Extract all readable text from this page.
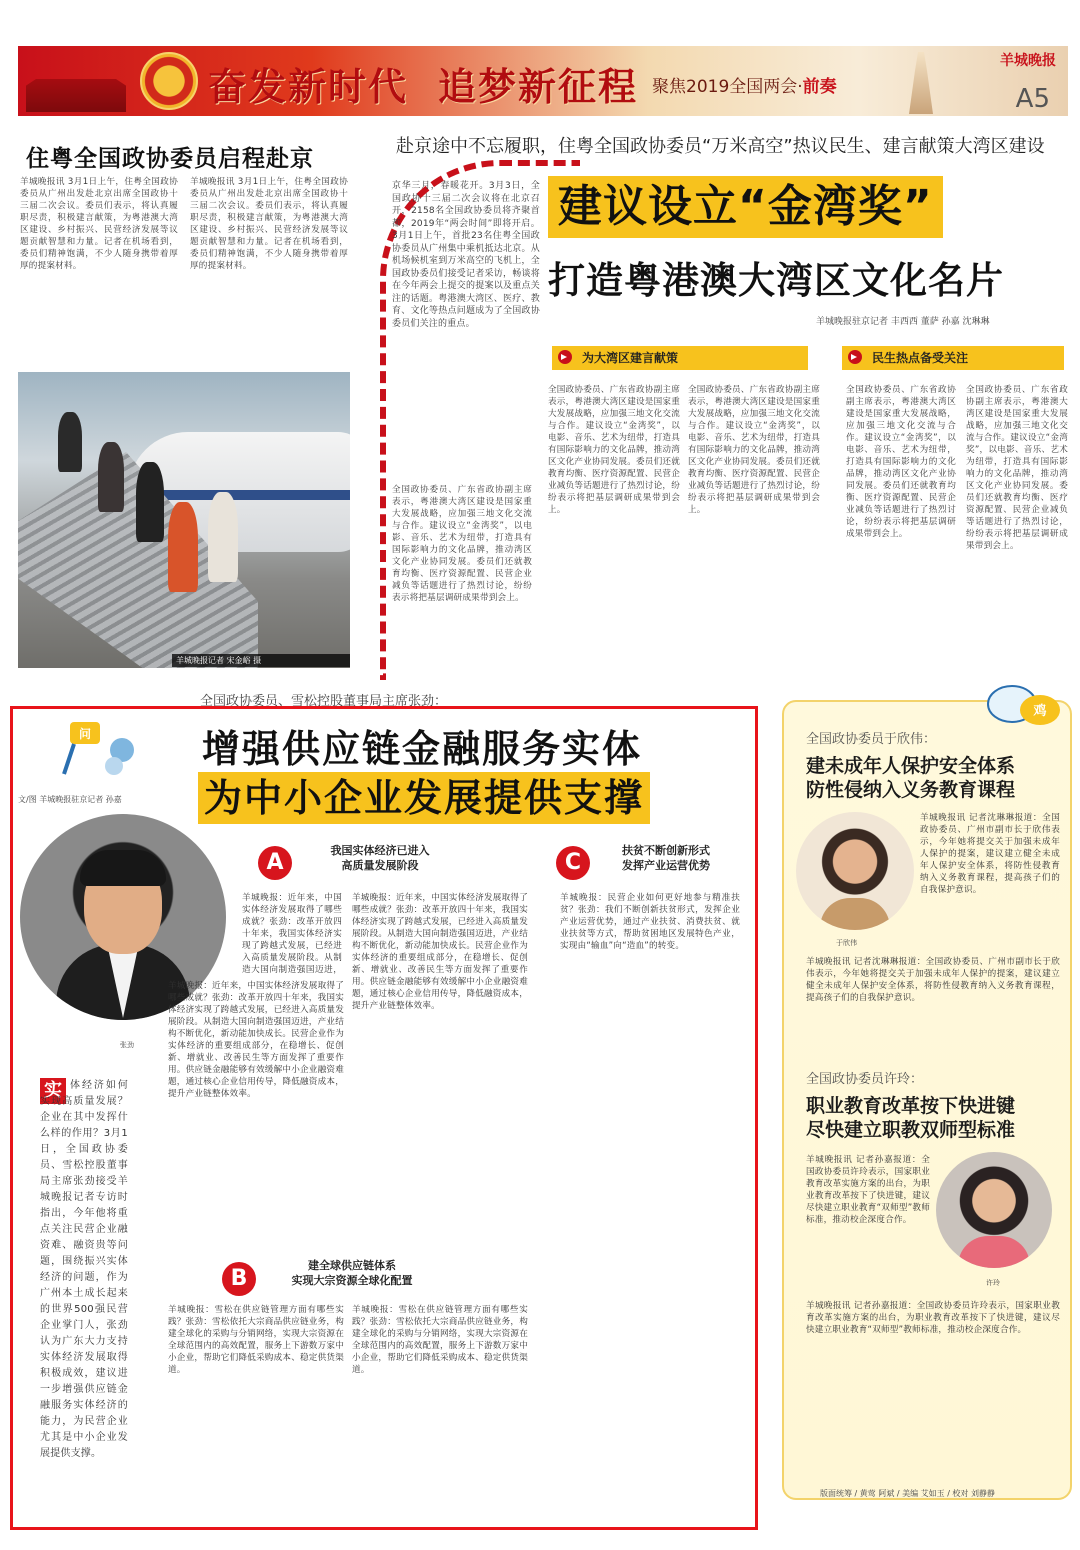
奋发新时代 追梦新征程 聚焦2019全国两会·前奏
羊城晚报
A5
住粤全国政协委员启程赴京
羊城晚报讯 3月1日上午，住粤全国政协委员从广州出发赴北京出席全国政协十三届二次会议。委员们表示，将认真履职尽责，积极建言献策，为粤港澳大湾区建设、乡村振兴、民营经济发展等议题贡献智慧和力量。记者在机场看到，委员们精神饱满，不少人随身携带着厚厚的提案材料。
羊城晚报讯 3月1日上午，住粤全国政协委员从广州出发赴北京出席全国政协十三届二次会议。委员们表示，将认真履职尽责，积极建言献策，为粤港澳大湾区建设、乡村振兴、民营经济发展等议题贡献智慧和力量。记者在机场看到，委员们精神饱满，不少人随身携带着厚厚的提案材料。
羊城晚报记者 宋金峪 摄
赴京途中不忘履职，住粤全国政协委员“万米高空”热议民生、建言献策大湾区建设
京华三月，春暖花开。3月3日，全国政协十三届二次会议将在北京召开，2158名全国政协委员将齐聚首都，2019年“两会时间”即将开启。3月1日上午，首批23名住粤全国政协委员从广州集中乘机抵达北京。从机场候机室到万米高空的飞机上，全国政协委员们接受记者采访，畅谈将在今年两会上提交的提案以及重点关注的话题。粤港澳大湾区、医疗、教育、文化等热点问题成为了全国政协委员们关注的重点。
建议设立“金湾奖”
打造粤港澳大湾区文化名片
羊城晚报驻京记者 丰西西 董萨 孙嘉 沈琳琳
为大湾区建言献策	民生热点备受关注
全国政协委员、广东省政协副主席表示，粤港澳大湾区建设是国家重大发展战略，应加强三地文化交流与合作。建议设立“金湾奖”，以电影、音乐、艺术为纽带，打造具有国际影响力的文化品牌，推动湾区文化产业协同发展。委员们还就教育均衡、医疗资源配置、民营企业减负等话题进行了热烈讨论，纷纷表示将把基层调研成果带到会上。
全国政协委员、广东省政协副主席表示，粤港澳大湾区建设是国家重大发展战略，应加强三地文化交流与合作。建议设立“金湾奖”，以电影、音乐、艺术为纽带，打造具有国际影响力的文化品牌，推动湾区文化产业协同发展。委员们还就教育均衡、医疗资源配置、民营企业减负等话题进行了热烈讨论，纷纷表示将把基层调研成果带到会上。
全国政协委员、广东省政协副主席表示，粤港澳大湾区建设是国家重大发展战略，应加强三地文化交流与合作。建议设立“金湾奖”，以电影、音乐、艺术为纽带，打造具有国际影响力的文化品牌，推动湾区文化产业协同发展。委员们还就教育均衡、医疗资源配置、民营企业减负等话题进行了热烈讨论，纷纷表示将把基层调研成果带到会上。
全国政协委员、广东省政协副主席表示，粤港澳大湾区建设是国家重大发展战略，应加强三地文化交流与合作。建议设立“金湾奖”，以电影、音乐、艺术为纽带，打造具有国际影响力的文化品牌，推动湾区文化产业协同发展。委员们还就教育均衡、医疗资源配置、民营企业减负等话题进行了热烈讨论，纷纷表示将把基层调研成果带到会上。
全国政协委员、广东省政协副主席表示，粤港澳大湾区建设是国家重大发展战略，应加强三地文化交流与合作。建议设立“金湾奖”，以电影、音乐、艺术为纽带，打造具有国际影响力的文化品牌，推动湾区文化产业协同发展。委员们还就教育均衡、医疗资源配置、民营企业减负等话题进行了热烈讨论，纷纷表示将把基层调研成果带到会上。
全国政协委员、雪松控股董事局主席张劲：
问
文/图 羊城晚报驻京记者 孙嘉
增强供应链金融服务实体
为中小企业发展提供支撑
张劲
实 体经济如何实现高质量发展？企业在其中发挥什么样的作用？3月1日，全国政协委员、雪松控股董事局主席张劲接受羊城晚报记者专访时指出，今年他将重点关注民营企业融资难、融资贵等问题，围绕振兴实体经济的问题，作为广州本土成长起来的世界500强民营企业掌门人，张劲认为广东大力支持实体经济发展取得积极成效，建议进一步增强供应链金融服务实体经济的能力，为民营企业尤其是中小企业发展提供支撑。
A	我国实体经济已进入
高质量发展阶段
羊城晚报：近年来，中国实体经济发展取得了哪些成就？张劲：改革开放四十年来，我国实体经济实现了跨越式发展，已经进入高质量发展阶段。从制造大国向制造强国迈进，
羊城晚报：近年来，中国实体经济发展取得了哪些成就？张劲：改革开放四十年来，我国实体经济实现了跨越式发展，已经进入高质量发展阶段。从制造大国向制造强国迈进，产业结构不断优化，新动能加快成长。民营企业作为实体经济的重要组成部分，在稳增长、促创新、增就业、改善民生等方面发挥了重要作用。供应链金融能够有效缓解中小企业融资难题，通过核心企业信用传导，降低融资成本，提升产业链整体效率。
羊城晚报：近年来，中国实体经济发展取得了哪些成就？张劲：改革开放四十年来，我国实体经济实现了跨越式发展，已经进入高质量发展阶段。从制造大国向制造强国迈进，产业结构不断优化，新动能加快成长。民营企业作为实体经济的重要组成部分，在稳增长、促创新、增就业、改善民生等方面发挥了重要作用。供应链金融能够有效缓解中小企业融资难题，通过核心企业信用传导，降低融资成本，提升产业链整体效率。
B
建全球供应链体系
实现大宗资源全球化配置
羊城晚报：雪松在供应链管理方面有哪些实践？张劲：雪松依托大宗商品供应链业务，构建全球化的采购与分销网络，实现大宗资源在全球范围内的高效配置，服务上下游数万家中小企业，帮助它们降低采购成本、稳定供货渠道。
羊城晚报：雪松在供应链管理方面有哪些实践？张劲：雪松依托大宗商品供应链业务，构建全球化的采购与分销网络，实现大宗资源在全球范围内的高效配置，服务上下游数万家中小企业，帮助它们降低采购成本、稳定供货渠道。
C	扶贫不断创新形式
发挥产业运营优势
羊城晚报：民营企业如何更好地参与精准扶贫？张劲：我们不断创新扶贫形式，发挥企业产业运营优势，通过产业扶贫、消费扶贫、就业扶贫等方式，帮助贫困地区发展特色产业，实现由“输血”向“造血”的转变。
鸡
全国政协委员于欣伟：
建未成年人保护安全体系
防性侵纳入义务教育课程
于欣伟
羊城晚报讯 记者沈琳琳报道：全国政协委员、广州市副市长于欣伟表示，今年她将提交关于加强未成年人保护的提案，建议建立健全未成年人保护安全体系，将防性侵教育纳入义务教育课程，提高孩子们的自我保护意识。
羊城晚报讯 记者沈琳琳报道：全国政协委员、广州市副市长于欣伟表示，今年她将提交关于加强未成年人保护的提案，建议建立健全未成年人保护安全体系，将防性侵教育纳入义务教育课程，提高孩子们的自我保护意识。
全国政协委员许玲：
职业教育改革按下快进键
尽快建立职教双师型标准
羊城晚报讯 记者孙嘉报道：全国政协委员许玲表示，国家职业教育改革实施方案的出台，为职业教育改革按下了快进键，建议尽快建立职业教育“双师型”教师标准，推动校企深度合作。
许玲
羊城晚报讯 记者孙嘉报道：全国政协委员许玲表示，国家职业教育改革实施方案的出台，为职业教育改革按下了快进键，建议尽快建立职业教育“双师型”教师标准，推动校企深度合作。
版面统筹 / 黄莺 阿斌 / 美编 艾如玉 / 校对 刘静静
